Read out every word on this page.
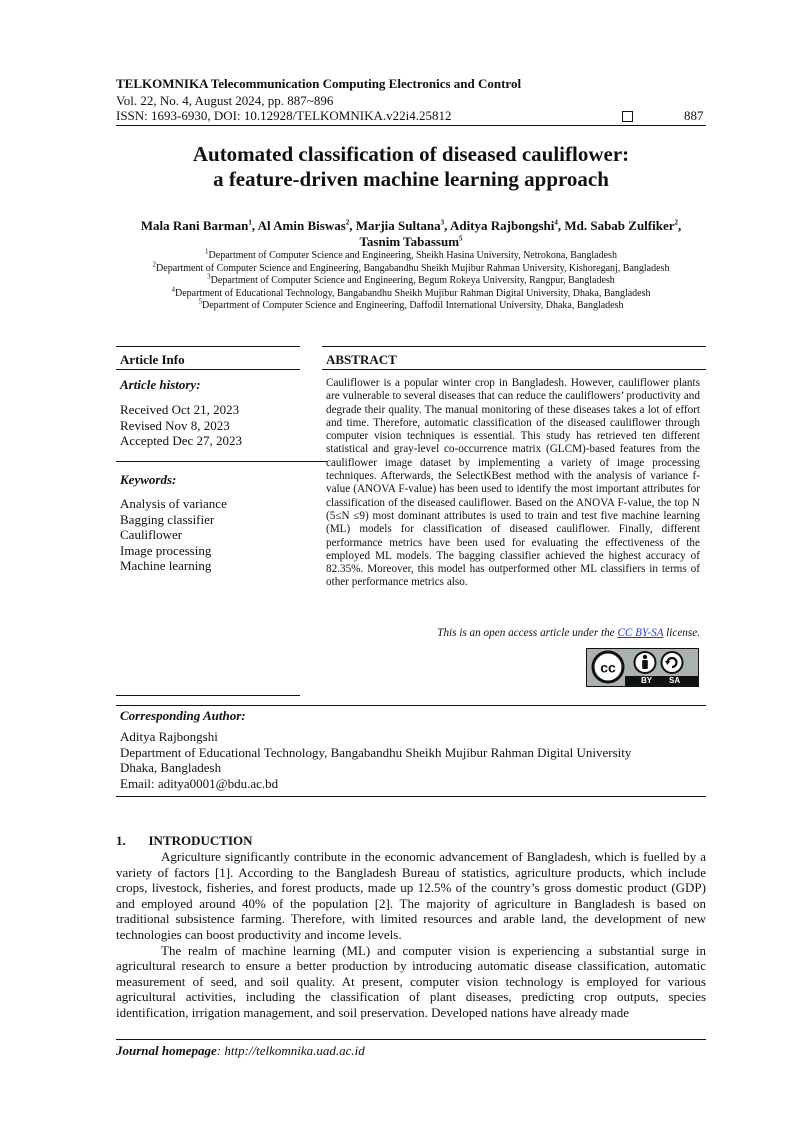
TELKOMNIKA Telecommunication Computing Electronics and Control
Vol. 22, No. 4, August 2024, pp. 887~896
ISSN: 1693-6930, DOI: 10.12928/TELKOMNIKA.v22i4.25812	887
Automated classification of diseased cauliflower:
a feature-driven machine learning approach
Mala Rani Barman$^1$, Al Amin Biswas$^2$, Marjia Sultana$^3$, Aditya Rajbongshi$^4$, Md. Sabab Zulfiker$^2$,
Tasnim Tabassum$^5$
$^1$Department of Computer Science and Engineering, Sheikh Hasina University, Netrokona, Bangladesh
$^2$Department of Computer Science and Engineering, Bangabandhu Sheikh Mujibur Rahman University, Kishoreganj, Bangladesh
$^3$Department of Computer Science and Engineering, Begum Rokeya University, Rangpur, Bangladesh
$^4$Department of Educational Technology, Bangabandhu Sheikh Mujibur Rahman Digital University, Dhaka, Bangladesh
$^5$Department of Computer Science and Engineering, Daffodil International University, Dhaka, Bangladesh
Article Info
Article history:
Received Oct 21, 2023
Revised Nov 8, 2023
Accepted Dec 27, 2023
Keywords:
Analysis of variance
Bagging classifier
Cauliflower
Image processing
Machine learning
ABSTRACT
Cauliflower is a popular winter crop in Bangladesh. However, cauliflower plants are vulnerable to several diseases that can reduce the cauliflowers’ productivity and degrade their quality. The manual monitoring of these diseases takes a lot of effort and time. Therefore, automatic classification of the diseased cauliflower through computer vision techniques is essential. This study has retrieved ten different statistical and gray-level co-occurrence matrix (GLCM)-based features from the cauliflower image dataset by implementing a variety of image processing techniques. Afterwards, the SelectKBest method with the analysis of variance f-value (ANOVA F-value) has been used to identify the most important attributes for classification of the diseased cauliflower. Based on the ANOVA F-value, the top N (5≤N ≤9) most dominant attributes is used to train and test five machine learning (ML) models for classification of diseased cauliflower. Finally, different performance metrics have been used for evaluating the effectiveness of the employed ML models. The bagging classifier achieved the highest accuracy of 82.35%. Moreover, this model has outperformed other ML classifiers in terms of other performance metrics also.
This is an open access article under the CC BY-SA license.
cc
BY SA
Corresponding Author:
Aditya Rajbongshi
Department of Educational Technology, Bangabandhu Sheikh Mujibur Rahman Digital University
Dhaka, Bangladesh
Email: aditya0001@bdu.ac.bd
1.       INTRODUCTION

Agriculture significantly contribute in the economic advancement of Bangladesh, which is fuelled by a variety of factors [1]. According to the Bangladesh Bureau of statistics, agriculture products, which include crops, livestock, fisheries, and forest products, made up 12.5% of the country’s gross domestic product (GDP) and employed around 40% of the population [2]. The majority of agriculture in Bangladesh is based on traditional subsistence farming. Therefore, with limited resources and arable land, the development of new technologies can boost productivity and income levels.

The realm of machine learning (ML) and computer vision is experiencing a substantial surge in agricultural research to ensure a better production by introducing automatic disease classification, automatic measurement of seed, and soil quality. At present, computer vision technology is employed for various agricultural activities, including the classification of plant diseases, predicting crop outputs, species identification, irrigation management, and soil preservation. Developed nations have already made

Journal homepage: http://telkomnika.uad.ac.id
